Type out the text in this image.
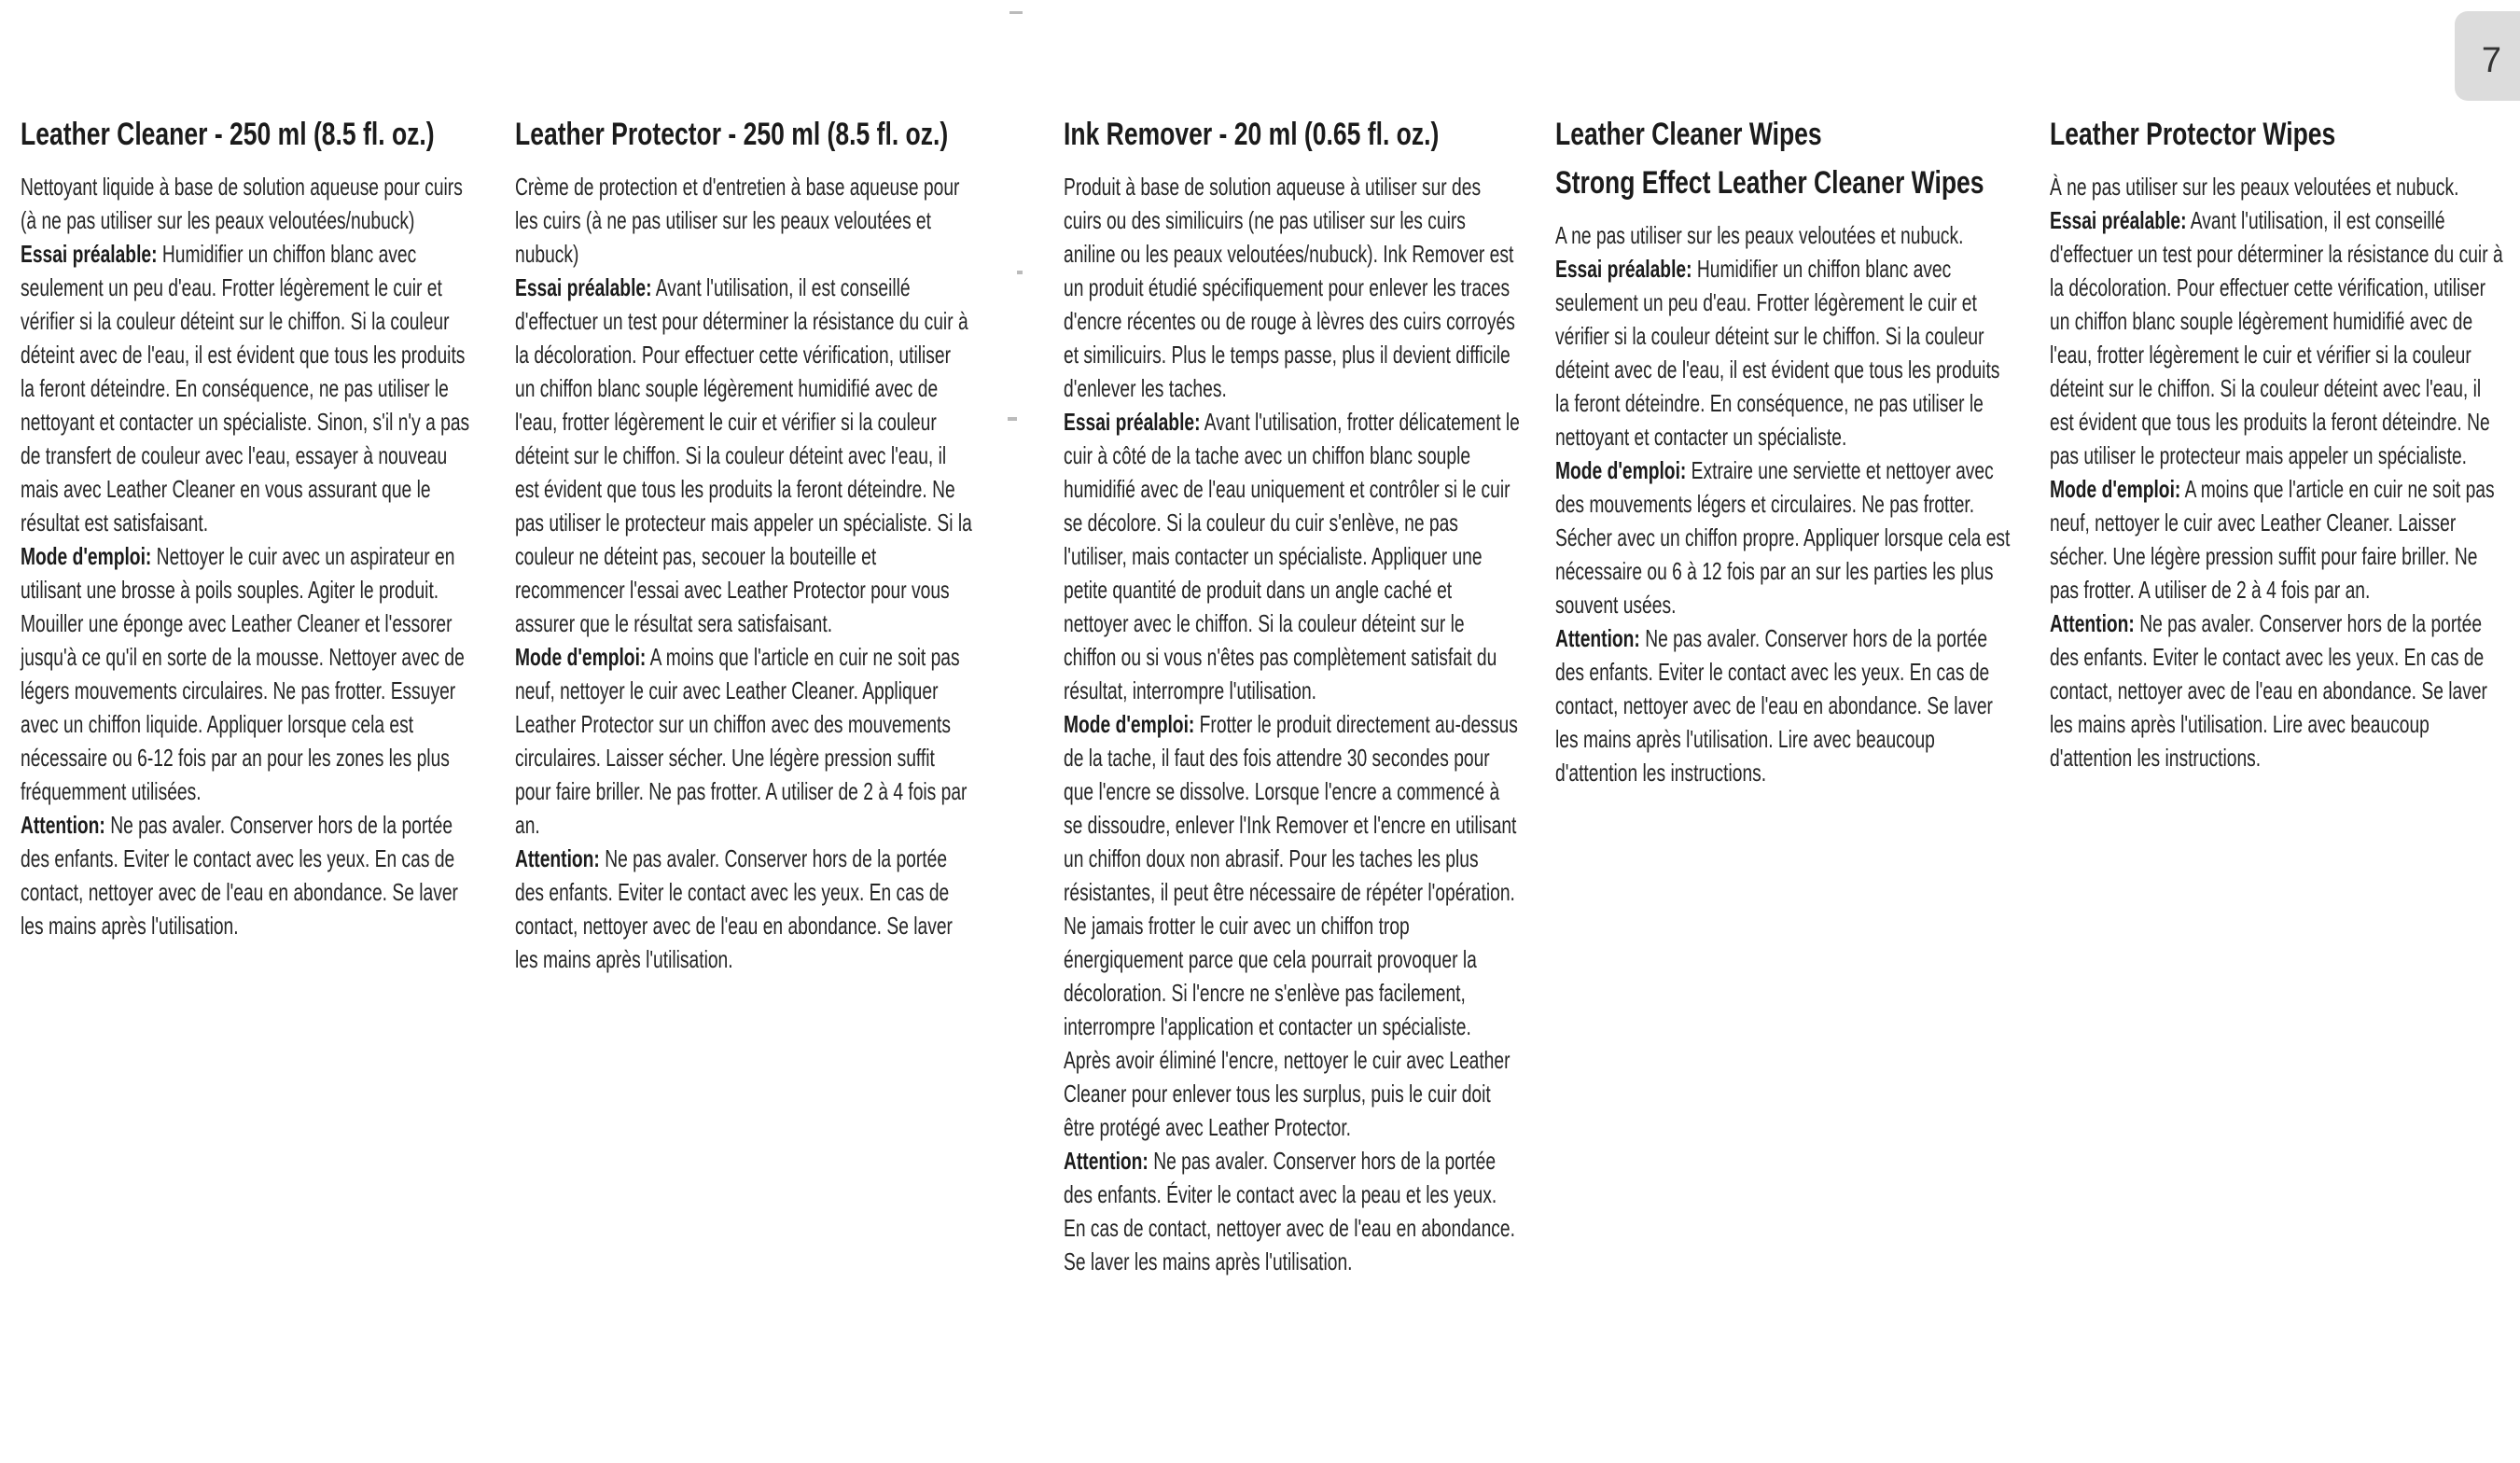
7
Leather Cleaner - 250 ml (8.5 fl. oz.)

Nettoyant liquide à base de solution aqueuse pour cuirs (à ne pas utiliser sur les peaux veloutées/nubuck)
Essai préalable: Humidifier un chiffon blanc avec seulement un peu d'eau. Frotter légèrement le cuir et vérifier si la couleur déteint sur le chiffon. Si la couleur déteint avec de l'eau, il est évident que tous les produits la feront déteindre. En conséquence, ne pas utiliser le nettoyant et contacter un spécialiste. Sinon, s'il n'y a pas de transfert de couleur avec l'eau, essayer à nouveau mais avec Leather Cleaner en vous assurant que le résultat est satisfaisant.
Mode d'emploi: Nettoyer le cuir avec un aspirateur en utilisant une brosse à poils souples. Agiter le produit. Mouiller une éponge avec Leather Cleaner et l'essorer jusqu'à ce qu'il en sorte de la mousse. Nettoyer avec de légers mouvements circulaires. Ne pas frotter. Essuyer avec un chiffon liquide. Appliquer lorsque cela est nécessaire ou 6-12 fois par an pour les zones les plus fréquemment utilisées.
Attention: Ne pas avaler. Conserver hors de la portée des enfants. Eviter le contact avec les yeux. En cas de contact, nettoyer avec de l'eau en abondance. Se laver les mains après l'utilisation.

Leather Protector - 250 ml (8.5 fl. oz.)

Crème de protection et d'entretien à base aqueuse pour les cuirs (à ne pas utiliser sur les peaux veloutées et nubuck)
Essai préalable: Avant l'utilisation, il est conseillé d'effectuer un test pour déterminer la résistance du cuir à la décoloration. Pour effectuer cette vérification, utiliser un chiffon blanc souple légèrement humidifié avec de l'eau, frotter légèrement le cuir et vérifier si la couleur déteint sur le chiffon. Si la couleur déteint avec l'eau, il est évident que tous les produits la feront déteindre. Ne pas utiliser le protecteur mais appeler un spécialiste. Si la couleur ne déteint pas, secouer la bouteille et recommencer l'essai avec Leather Protector pour vous assurer que le résultat sera satisfaisant.
Mode d'emploi: A moins que l'article en cuir ne soit pas neuf, nettoyer le cuir avec Leather Cleaner. Appliquer Leather Protector sur un chiffon avec des mouvements circulaires. Laisser sécher. Une légère pression suffit pour faire briller. Ne pas frotter. A utiliser de 2 à 4 fois par an.
Attention: Ne pas avaler. Conserver hors de la portée des enfants. Eviter le contact avec les yeux. En cas de contact, nettoyer avec de l'eau en abondance. Se laver les mains après l'utilisation.

Ink Remover - 20 ml (0.65 fl. oz.)

Produit à base de solution aqueuse à utiliser sur des cuirs ou des similicuirs (ne pas utiliser sur les cuirs aniline ou les peaux veloutées/nubuck). Ink Remover est un produit étudié spécifiquement pour enlever les traces d'encre récentes ou de rouge à lèvres des cuirs corroyés et similicuirs. Plus le temps passe, plus il devient difficile d'enlever les taches.
Essai préalable: Avant l'utilisation, frotter délicatement le cuir à côté de la tache avec un chiffon blanc souple humidifié avec de l'eau uniquement et contrôler si le cuir se décolore. Si la couleur du cuir s'enlève, ne pas l'utiliser, mais contacter un spécialiste. Appliquer une petite quantité de produit dans un angle caché et nettoyer avec le chiffon. Si la couleur déteint sur le chiffon ou si vous n'êtes pas complètement satisfait du résultat, interrompre l'utilisation.
Mode d'emploi: Frotter le produit directement au-dessus de la tache, il faut des fois attendre 30 secondes pour que l'encre se dissolve. Lorsque l'encre a commencé à se dissoudre, enlever l'Ink Remover et l'encre en utilisant un chiffon doux non abrasif. Pour les taches les plus résistantes, il peut être nécessaire de répéter l'opération.
Ne jamais frotter le cuir avec un chiffon trop énergiquement parce que cela pourrait provoquer la décoloration. Si l'encre ne s'enlève pas facilement, interrompre l'application et contacter un spécialiste. Après avoir éliminé l'encre, nettoyer le cuir avec Leather Cleaner pour enlever tous les surplus, puis le cuir doit être protégé avec Leather Protector.
Attention: Ne pas avaler. Conserver hors de la portée des enfants. Éviter le contact avec la peau et les yeux. En cas de contact, nettoyer avec de l'eau en abondance. Se laver les mains après l'utilisation.

Leather Cleaner Wipes
Strong Effect Leather Cleaner Wipes

A ne pas utiliser sur les peaux veloutées et nubuck.
Essai préalable: Humidifier un chiffon blanc avec seulement un peu d'eau. Frotter légèrement le cuir et vérifier si la couleur déteint sur le chiffon. Si la couleur déteint avec de l'eau, il est évident que tous les produits la feront déteindre. En conséquence, ne pas utiliser le nettoyant et contacter un spécialiste.
Mode d'emploi: Extraire une serviette et nettoyer avec des mouvements légers et circulaires. Ne pas frotter. Sécher avec un chiffon propre. Appliquer lorsque cela est nécessaire ou 6 à 12 fois par an sur les parties les plus souvent usées.
Attention: Ne pas avaler. Conserver hors de la portée des enfants. Eviter le contact avec les yeux. En cas de contact, nettoyer avec de l'eau en abondance. Se laver les mains après l'utilisation. Lire avec beaucoup d'attention les instructions.

Leather Protector Wipes

À ne pas utiliser sur les peaux veloutées et nubuck.
Essai préalable: Avant l'utilisation, il est conseillé d'effectuer un test pour déterminer la résistance du cuir à la décoloration. Pour effectuer cette vérification, utiliser un chiffon blanc souple légèrement humidifié avec de l'eau, frotter légèrement le cuir et vérifier si la couleur déteint sur le chiffon. Si la couleur déteint avec l'eau, il est évident que tous les produits la feront déteindre. Ne pas utiliser le protecteur mais appeler un spécialiste.
Mode d'emploi: A moins que l'article en cuir ne soit pas neuf, nettoyer le cuir avec Leather Cleaner. Laisser sécher. Une légère pression suffit pour faire briller. Ne pas frotter. A utiliser de 2 à 4 fois par an.
Attention: Ne pas avaler. Conserver hors de la portée des enfants. Eviter le contact avec les yeux. En cas de contact, nettoyer avec de l'eau en abondance. Se laver les mains après l'utilisation. Lire avec beaucoup d'attention les instructions.
